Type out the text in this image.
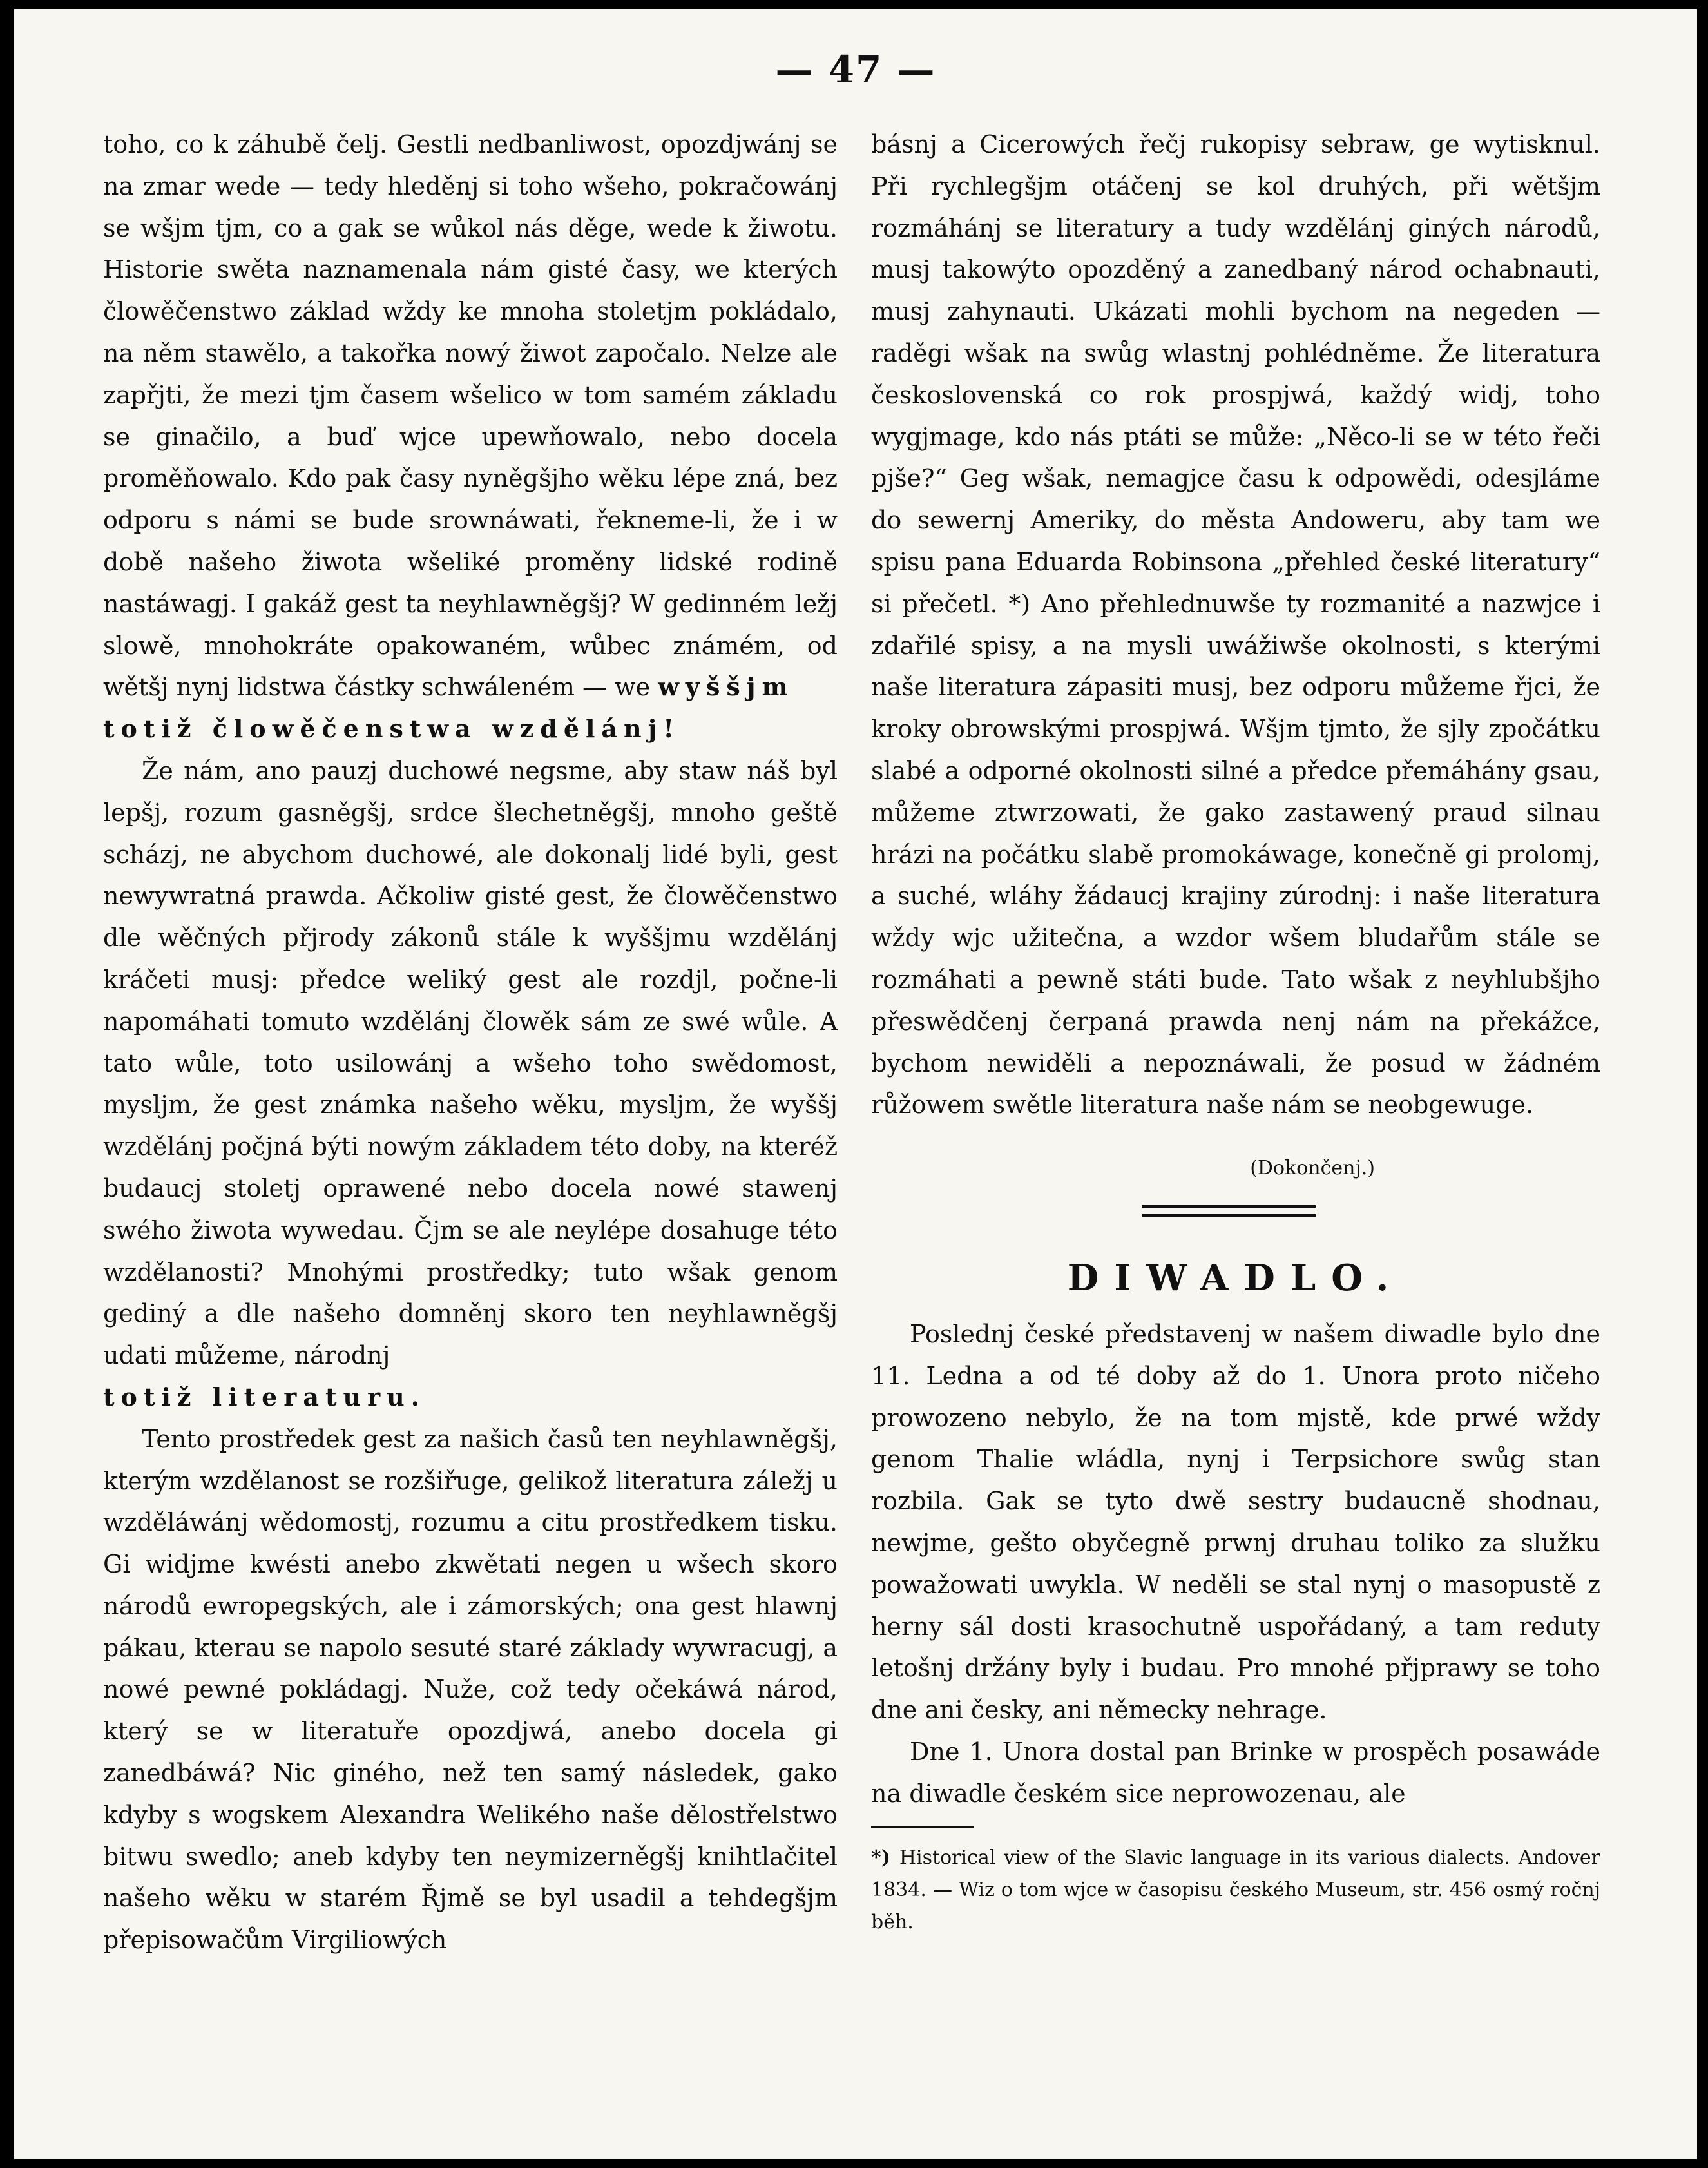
— 47 —

toho, co k záhubě čelj. Gestli nedbanliwost, opozdjwánj se na zmar wede — tedy hleděnj si toho wšeho, pokračowánj se wšjm tjm, co a gak se wůkol nás děge, wede k žiwotu. Historie swěta naznamenala nám gisté časy, we kterých člowěčenstwo základ wždy ke mnoha stoletjm pokládalo, na něm stawělo, a takořka nowý žiwot započalo. Nelze ale zapřjti, že mezi tjm časem wšelico w tom samém základu se ginačilo, a buď wjce upewňowalo, nebo docela proměňowalo. Kdo pak časy nyněgšjho wěku lépe zná, bez odporu s námi se bude srownáwati, řekneme-li, že i w době našeho žiwota wšeliké proměny lidské rodině nastáwagj. I gakáž gest ta neyhlawněgšj? W gedinném ležj slowě, mnohokráte opakowaném, wůbec známém, od wětšj nynj lidstwa částky schwáleném — we wyššjm

totiž člowěčenstwa wzdělánj!

Že nám, ano pauzj duchowé negsme, aby staw náš byl lepšj, rozum gasněgšj, srdce šlechetněgšj, mnoho geště scházj, ne abychom duchowé, ale dokonalj lidé byli, gest newywratná prawda. Ačkoliw gisté gest, že člowěčenstwo dle wěčných přjrody zákonů stále k wyššjmu wzdělánj kráčeti musj: předce weliký gest ale rozdjl, počne-li napomáhati tomuto wzdělánj člowěk sám ze swé wůle. A tato wůle, toto usilowánj a wšeho toho swědomost, myslјm, že gest známka našeho wěku, myslјm, že wyššj wzdělánj počjná býti nowým základem této doby, na kteréž budaucj stoletj oprawené nebo docela nowé stawenj swého žiwota wywedau. Čјm se ale neylépe dosahuge této wzdělanosti? Mnohými prostředky; tuto wšak genom gediný a dle našeho domněnj skoro ten neyhlawněgšj udati můžeme, národnj

totiž literaturu.

Tento prostředek gest za našich časů ten neyhlawněgšj, kterým wzdělanost se rozšiřuge, gelikož literatura záležj u wzděláwánj wědomostj, rozumu a citu prostředkem tisku. Gi widjme kwésti anebo zkwětati negen u wšech skoro národů ewropegských, ale i zámorských; ona gest hlawnj pákau, kterau se napolo sesuté staré základy wywracugj, a nowé pewné pokládagj. Nuže, což tedy očekáwá národ, který se w literatuře opozdjwá, anebo docela gi zanedbáwá? Nic giného, než ten samý následek, gako kdyby s wogskem Alexandra Welikého naše dělostřelstwo bitwu swedlo; aneb kdyby ten neymizerněgšj knihtlačitel našeho wěku w starém Řjmě se byl usadil a tehdegšjm přepisowačům Virgiliowých

básnj a Cicerowých řečj rukopisy sebraw, ge wytisknul. Při rychlegšjm otáčenj se kol druhých, při wětšjm rozmáhánj se literatury a tudy wzdělánj giných národů, musj takowýto opozděný a zanedbaný národ ochabnauti, musj zahynauti. Ukázati mohli bychom na negeden — raděgi wšak na swůg wlastnj pohlédněme. Že literatura československá co rok prospjwá, každý widj, toho wygjmage, kdo nás ptáti se může: „Něco-li se w této řeči pjše?“ Geg wšak, nemagjce času k odpowědi, odesjláme do sewernj Ameriky, do města Andoweru, aby tam we spisu pana Eduarda Robinsona „přehled české literatury“ si přečetl. *) Ano přehlednuwše ty rozmanité a nazwjce i zdařilé spisy, a na mysli uwážiwše okolnosti, s kterými naše literatura zápasiti musj, bez odporu můžeme řjci, že kroky obrowskými prospjwá. Wšjm tjmto, že sjly zpočátku slabé a odporné okolnosti silné a předce přemáhány gsau, můžeme ztwrzowati, že gako zastawený praud silnau hrázi na počátku slabě promokáwage, konečně gi prolomj, a suché, wláhy žádaucj krajiny zúrodnj: i naše literatura wždy wjc užitečna, a wzdor wšem bludařům stále se rozmáhati a pewně státi bude. Tato wšak z neyhlubšjho přeswědčenj čerpaná prawda nenj nám na překážce, bychom newiděli a nepoznáwali, že posud w žádném růžowem swětle literatura naše nám se neobgewuge.

(Dokončenj.)
DIWADLO.

Poslednj české představenj w našem diwadle bylo dne 11. Ledna a od té doby až do 1. Unora proto ničeho prowozeno nebylo, že na tom mjstě, kde prwé wždy genom Thalie wládla, nynj i Terpsichore swůg stan rozbila. Gak se tyto dwě sestry budaucně shodnau, newjme, gešto obyčegně prwnj druhau toliko za služku powažowati uwykla. W neděli se stal nynj o masopustě z herny sál dosti krasochutně uspořádaný, a tam reduty letošnj držány byly i budau. Pro mnohé přjprawy se toho dne ani česky, ani německy nehrage.

Dne 1. Unora dostal pan Brinke w prospěch posawáde na diwadle českém sice neprowozenau, ale

*) Historical view of the Slavic language in its various dialects. Andover 1834. — Wiz o tom wjce w časopisu českého Museum, str. 456 osmý ročnj běh.
